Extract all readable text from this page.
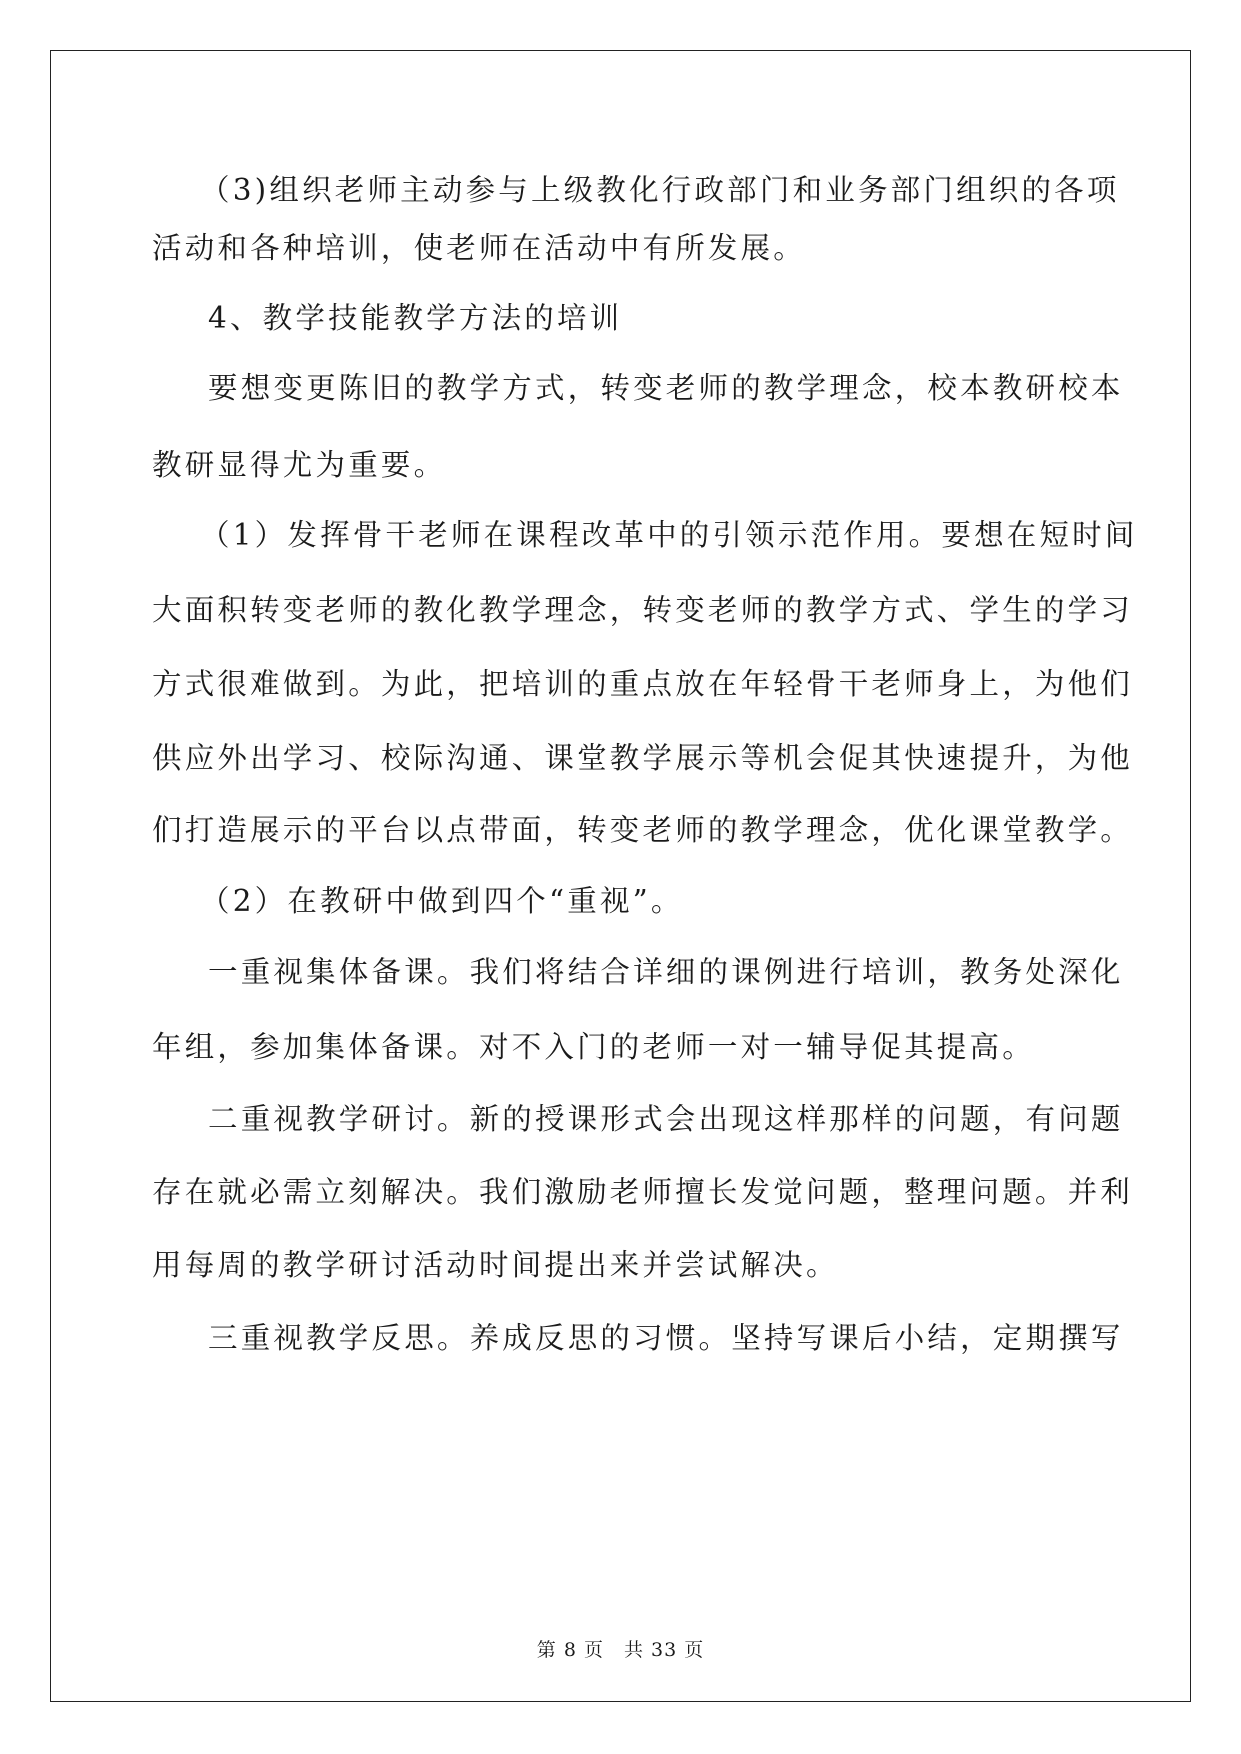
（3)组织老师主动参与上级教化行政部门和业务部门组织的各项
活动和各种培训，使老师在活动中有所发展。
4、教学技能教学方法的培训
要想变更陈旧的教学方式，转变老师的教学理念，校本教研校本
教研显得尤为重要。
（1）发挥骨干老师在课程改革中的引领示范作用。要想在短时间
大面积转变老师的教化教学理念，转变老师的教学方式、学生的学习
方式很难做到。为此，把培训的重点放在年轻骨干老师身上，为他们
供应外出学习、校际沟通、课堂教学展示等机会促其快速提升，为他
们打造展示的平台以点带面，转变老师的教学理念，优化课堂教学。
（2）在教研中做到四个“重视”。
一重视集体备课。我们将结合详细的课例进行培训，教务处深化
年组，参加集体备课。对不入门的老师一对一辅导促其提高。
二重视教学研讨。新的授课形式会出现这样那样的问题，有问题
存在就必需立刻解决。我们激励老师擅长发觉问题，整理问题。并利
用每周的教学研讨活动时间提出来并尝试解决。
三重视教学反思。养成反思的习惯。坚持写课后小结，定期撰写
第 8 页　共 33 页
